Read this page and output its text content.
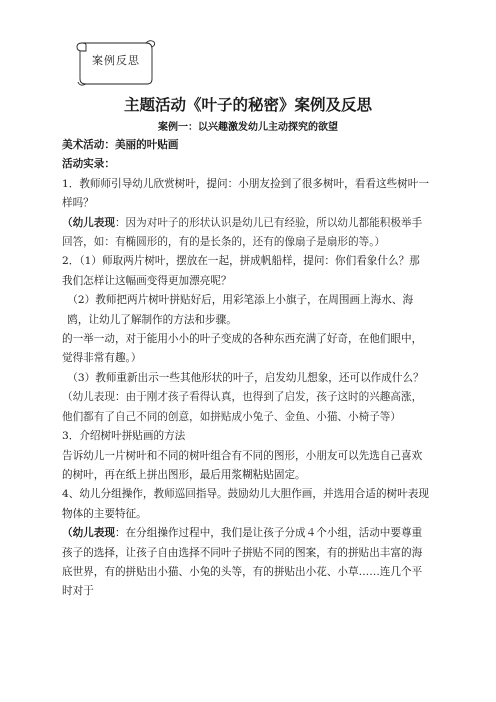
案例反思
主题活动《叶子的秘密》案例及反思
案例一：以兴趣激发幼儿主动探究的欲望

美术活动：美丽的叶贴画

活动实录：

1．教师师引导幼儿欣赏树叶，提问：小朋友捡到了很多树叶，看看这些树叶一样吗？

（幼儿表现：因为对叶子的形状认识是幼儿已有经验，所以幼儿都能积极举手回答，如：有椭圆形的，有的是长条的，还有的像扇子是扇形的等。）

2．（1）师取两片树叶，摆放在一起，拼成帆船样，提问：你们看象什么？那我们怎样让这幅画变得更加漂亮呢？

（2）教师把两片树叶拼贴好后，用彩笔添上小旗子，在周围画上海水、海鸥，让幼儿了解制作的方法和步骤。

的一举一动，对于能用小小的叶子变成的各种东西充满了好奇，在他们眼中，觉得非常有趣。）

（3）教师重新出示一些其他形状的叶子，启发幼儿想象，还可以作成什么？

（幼儿表现：由于刚才孩子看得认真，也得到了启发，孩子这时的兴趣高涨，他们都有了自己不同的创意，如拼贴成小兔子、金鱼、小猫、小椅子等）

3．介绍树叶拼贴画的方法

告诉幼儿一片树叶和不同的树叶组合有不同的图形，小朋友可以先选自己喜欢的树叶，再在纸上拼出图形，最后用浆糊粘贴固定。

4、幼儿分组操作，教师巡回指导。鼓励幼儿大胆作画，并选用合适的树叶表现物体的主要特征。

（幼儿表现：在分组操作过程中，我们是让孩子分成４个小组，活动中要尊重孩子的选择，让孩子自由选择不同叶子拼贴不同的图案，有的拼贴出丰富的海底世界，有的拼贴出小猫、小兔的头等，有的拼贴出小花、小草……连几个平时对于
